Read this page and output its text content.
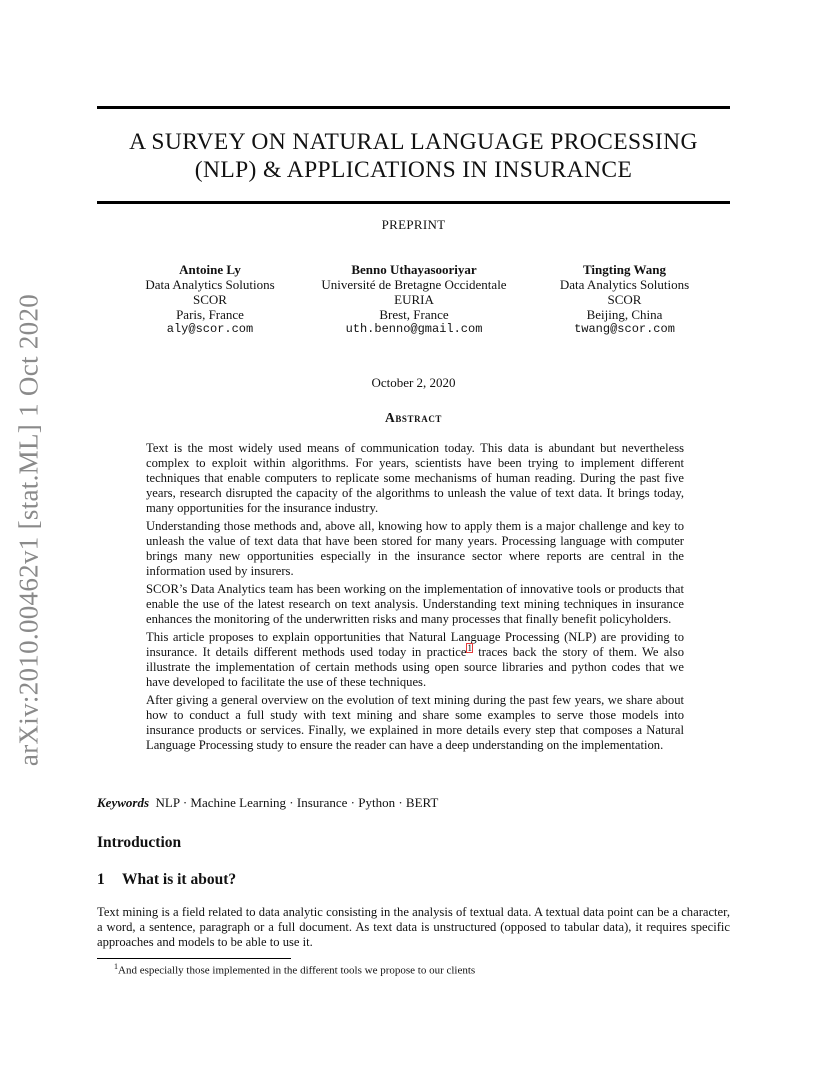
arXiv:2010.00462v1 [stat.ML] 1 Oct 2020
A SURVEY ON NATURAL LANGUAGE PROCESSING
(NLP) & APPLICATIONS IN INSURANCE
PREPRINT
Antoine Ly
Data Analytics Solutions
SCOR
Paris, France
aly@scor.com
Benno Uthayasooriyar
Université de Bretagne Occidentale
EURIA
Brest, France
uth.benno@gmail.com
Tingting Wang
Data Analytics Solutions
SCOR
Beijing, China
twang@scor.com
October 2, 2020
Abstract

Text is the most widely used means of communication today. This data is abundant but nevertheless complex to exploit within algorithms. For years, scientists have been trying to implement different techniques that enable computers to replicate some mechanisms of human reading. During the past five years, research disrupted the capacity of the algorithms to unleash the value of text data. It brings today, many opportunities for the insurance industry.

Understanding those methods and, above all, knowing how to apply them is a major challenge and key to unleash the value of text data that have been stored for many years. Processing language with computer brings many new opportunities especially in the insurance sector where reports are central in the information used by insurers.

SCOR’s Data Analytics team has been working on the implementation of innovative tools or products that enable the use of the latest research on text analysis. Understanding text mining techniques in insurance enhances the monitoring of the underwritten risks and many processes that finally benefit policyholders.

This article proposes to explain opportunities that Natural Language Processing (NLP) are providing to insurance. It details different methods used today in practice$^1$ traces back the story of them. We also illustrate the implementation of certain methods using open source libraries and python codes that we have developed to facilitate the use of these techniques.

After giving a general overview on the evolution of text mining during the past few years, we share about how to conduct a full study with text mining and share some examples to serve those models into insurance products or services. Finally, we explained in more details every step that composes a Natural Language Processing study to ensure the reader can have a deep understanding on the implementation.

Keywords NLP · Machine Learning · Insurance · Python · BERT
Introduction
1 What is it about?

Text mining is a field related to data analytic consisting in the analysis of textual data. A textual data point can be a character, a word, a sentence, paragraph or a full document. As text data is unstructured (opposed to tabular data), it requires specific approaches and models to be able to use it.

$^1$And especially those implemented in the different tools we propose to our clients
